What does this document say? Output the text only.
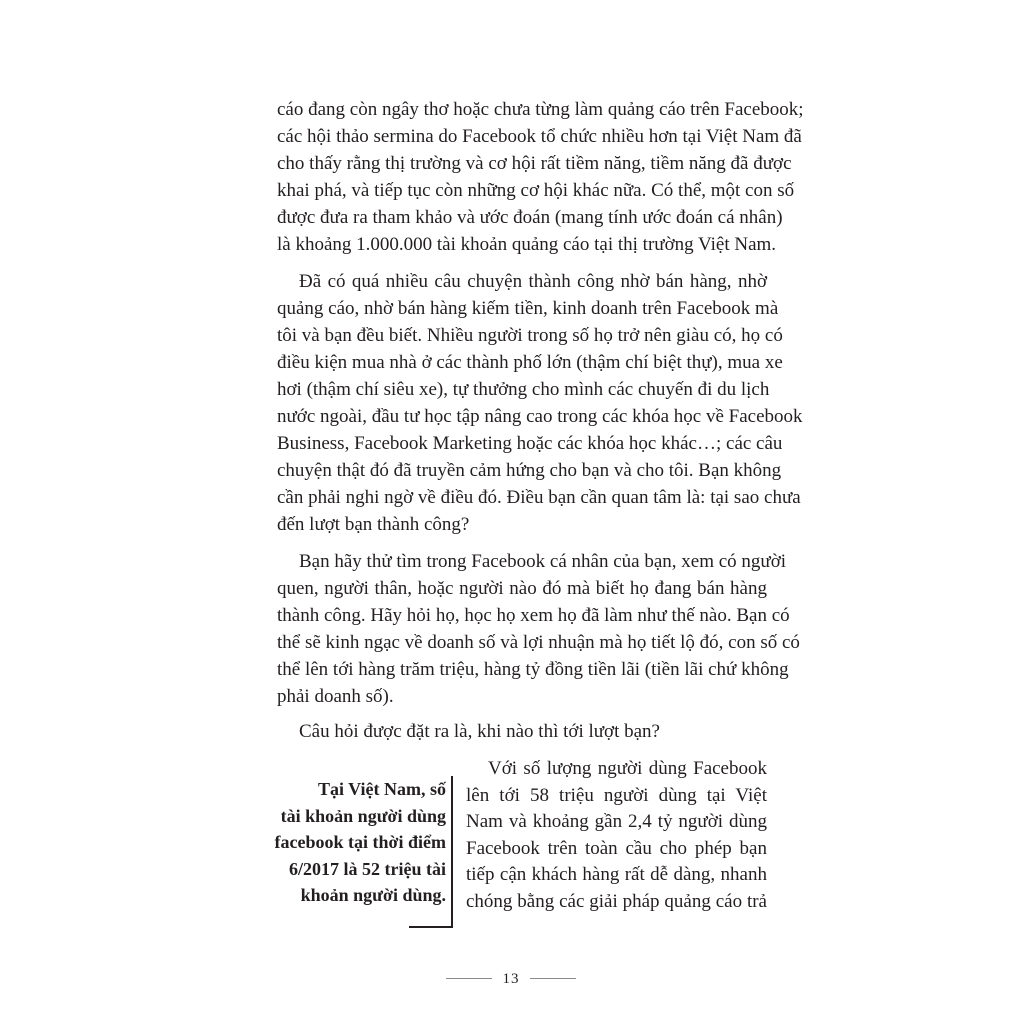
cáo đang còn ngây thơ hoặc chưa từng làm quảng cáo trên Facebook;
các hội thảo sermina do Facebook tổ chức nhiều hơn tại Việt Nam đã
cho thấy rằng thị trường và cơ hội rất tiềm năng, tiềm năng đã được
khai phá, và tiếp tục còn những cơ hội khác nữa. Có thể, một con số
được đưa ra tham khảo và ước đoán (mang tính ước đoán cá nhân)
là khoảng 1.000.000 tài khoản quảng cáo tại thị trường Việt Nam.
Đã có quá nhiều câu chuyện thành công nhờ bán hàng, nhờ
quảng cáo, nhờ bán hàng kiếm tiền, kinh doanh trên Facebook mà
tôi và bạn đều biết. Nhiều người trong số họ trở nên giàu có, họ có
điều kiện mua nhà ở các thành phố lớn (thậm chí biệt thự), mua xe
hơi (thậm chí siêu xe), tự thưởng cho mình các chuyến đi du lịch
nước ngoài, đầu tư học tập nâng cao trong các khóa học về Facebook
Business, Facebook Marketing hoặc các khóa học khác…; các câu
chuyện thật đó đã truyền cảm hứng cho bạn và cho tôi. Bạn không
cần phải nghi ngờ về điều đó. Điều bạn cần quan tâm là: tại sao chưa
đến lượt bạn thành công?
Bạn hãy thử tìm trong Facebook cá nhân của bạn, xem có người
quen, người thân, hoặc người nào đó mà biết họ đang bán hàng
thành công. Hãy hỏi họ, học họ xem họ đã làm như thế nào. Bạn có
thể sẽ kinh ngạc về doanh số và lợi nhuận mà họ tiết lộ đó, con số có
thể lên tới hàng trăm triệu, hàng tỷ đồng tiền lãi (tiền lãi chứ không
phải doanh số).
Câu hỏi được đặt ra là, khi nào thì tới lượt bạn?
Tại Việt Nam, số
tài khoản người dùng
facebook tại thời điểm
6/2017 là 52 triệu tài
khoản người dùng.
Với số lượng người dùng Facebook
lên tới 58 triệu người dùng tại Việt
Nam và khoảng gần 2,4 tỷ người dùng
Facebook trên toàn cầu cho phép bạn
tiếp cận khách hàng rất dễ dàng, nhanh
chóng bằng các giải pháp quảng cáo trả
13
